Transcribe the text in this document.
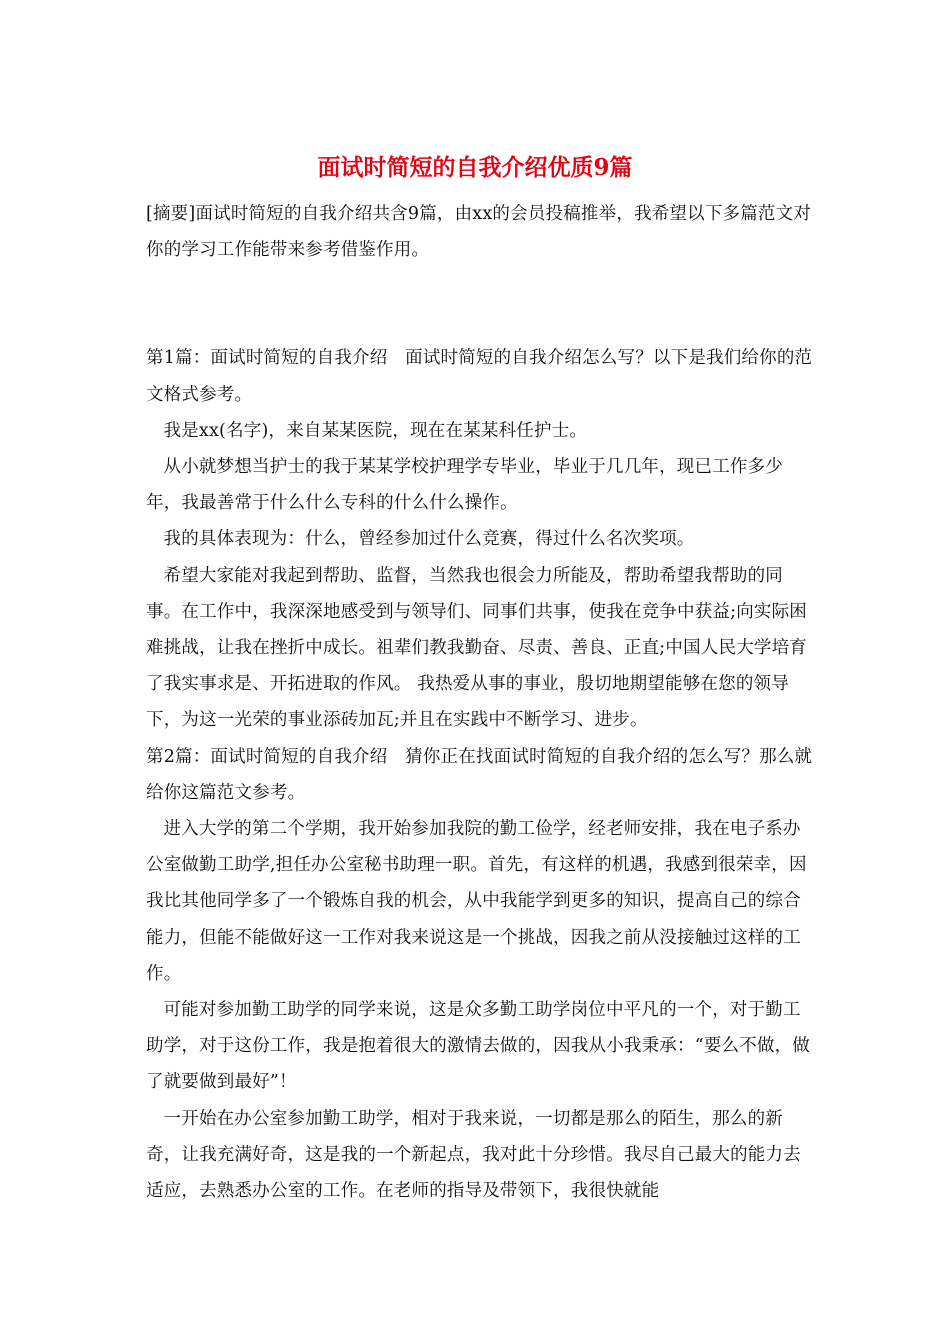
面试时简短的自我介绍优质9篇

[摘要]面试时简短的自我介绍共含9篇，由xx的会员投稿推举，我希望以下多篇范文对你的学习工作能带来参考借鉴作用。

第1篇：面试时简短的自我介绍　面试时简短的自我介绍怎么写？以下是我们给你的范文格式参考。

我是xx(名字)，来自某某医院，现在在某某科任护士。

从小就梦想当护士的我于某某学校护理学专毕业，毕业于几几年，现已工作多少年，我最善常于什么什么专科的什么什么操作。

我的具体表现为：什么，曾经参加过什么竞赛，得过什么名次奖项。

希望大家能对我起到帮助、监督，当然我也很会力所能及，帮助希望我帮助的同事。在工作中，我深深地感受到与领导们、同事们共事，使我在竞争中获益;向实际困难挑战，让我在挫折中成长。祖辈们教我勤奋、尽责、善良、正直;中国人民大学培育了我实事求是、开拓进取的作风。 我热爱从事的事业，殷切地期望能够在您的领导下，为这一光荣的事业添砖加瓦;并且在实践中不断学习、进步。

第2篇：面试时简短的自我介绍　猜你正在找面试时简短的自我介绍的怎么写？那么就给你这篇范文参考。

进入大学的第二个学期，我开始参加我院的勤工俭学，经老师安排，我在电子系办公室做勤工助学,担任办公室秘书助理一职。首先，有这样的机遇，我感到很荣幸，因我比其他同学多了一个锻炼自我的机会，从中我能学到更多的知识，提高自己的综合能力，但能不能做好这一工作对我来说这是一个挑战，因我之前从没接触过这样的工作。

可能对参加勤工助学的同学来说，这是众多勤工助学岗位中平凡的一个，对于勤工助学，对于这份工作，我是抱着很大的激情去做的，因我从小我秉承：“要么不做，做了就要做到最好”！

一开始在办公室参加勤工助学，相对于我来说，一切都是那么的陌生，那么的新奇，让我充满好奇，这是我的一个新起点，我对此十分珍惜。我尽自己最大的能力去适应，去熟悉办公室的工作。在老师的指导及带领下，我很快就能
